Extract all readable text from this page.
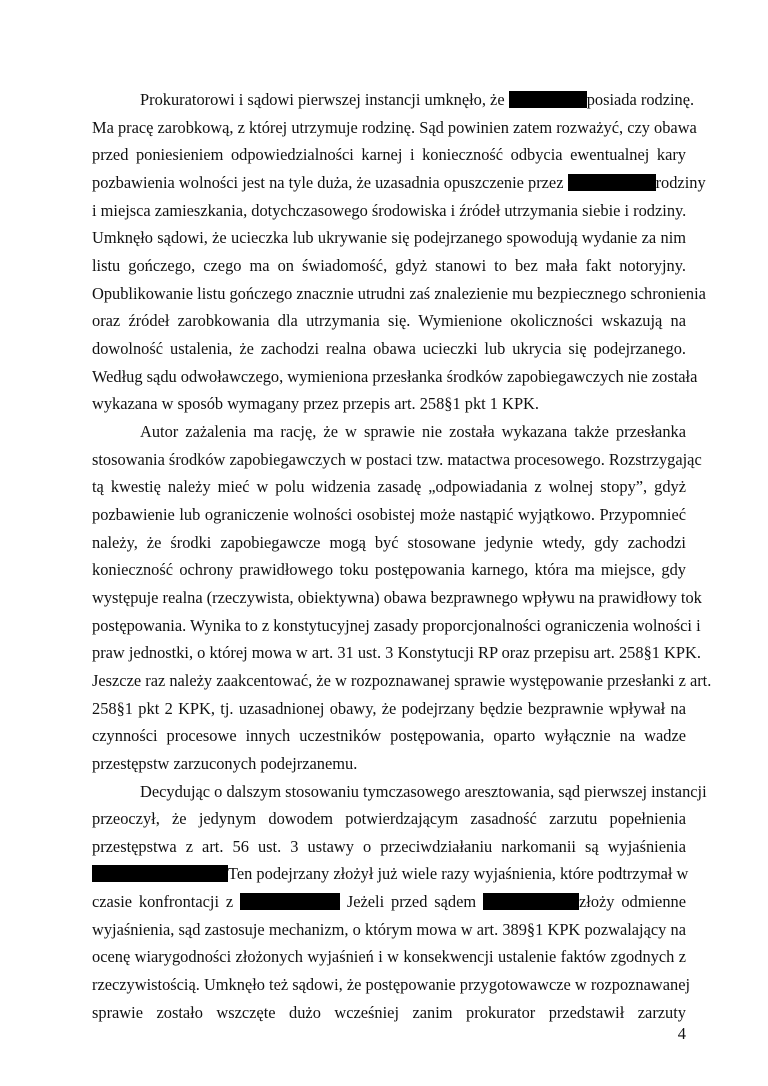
Prokuratorowi i sądowi pierwszej instancji umknęło, że	posiada rodzinę.
Ma pracę zarobkową, z której utrzymuje rodzinę. Sąd powinien zatem rozważyć, czy obawa
przed poniesieniem odpowiedzialności karnej i konieczność odbycia ewentualnej kary
pozbawienia wolności jest na tyle duża, że uzasadnia opuszczenie przez	rodziny
i miejsca zamieszkania, dotychczasowego środowiska i źródeł utrzymania siebie i rodziny.
Umknęło sądowi, że ucieczka lub ukrywanie się podejrzanego spowodują wydanie za nim
listu gończego, czego ma on świadomość, gdyż stanowi to bez mała fakt notoryjny.
Opublikowanie listu gończego znacznie utrudni zaś znalezienie mu bezpiecznego schronienia
oraz źródeł zarobkowania dla utrzymania się. Wymienione okoliczności wskazują na
dowolność ustalenia, że zachodzi realna obawa ucieczki lub ukrycia się podejrzanego.
Według sądu odwoławczego, wymieniona przesłanka środków zapobiegawczych nie została
wykazana w sposób wymagany przez przepis art. 258§1 pkt 1 KPK.
Autor zażalenia ma rację, że w sprawie nie została wykazana także przesłanka
stosowania środków zapobiegawczych w postaci tzw. matactwa procesowego. Rozstrzygając
tą kwestię należy mieć w polu widzenia zasadę „odpowiadania z wolnej stopy”, gdyż
pozbawienie lub ograniczenie wolności osobistej może nastąpić wyjątkowo. Przypomnieć
należy, że środki zapobiegawcze mogą być stosowane jedynie wtedy, gdy zachodzi
konieczność ochrony prawidłowego toku postępowania karnego, która ma miejsce, gdy
występuje realna (rzeczywista, obiektywna) obawa bezprawnego wpływu na prawidłowy tok
postępowania. Wynika to z konstytucyjnej zasady proporcjonalności ograniczenia wolności i
praw jednostki, o której mowa w art. 31 ust. 3 Konstytucji RP oraz przepisu art. 258§1 KPK.
Jeszcze raz należy zaakcentować, że w rozpoznawanej sprawie występowanie przesłanki z art.
258§1 pkt 2 KPK, tj. uzasadnionej obawy, że podejrzany będzie bezprawnie wpływał na
czynności procesowe innych uczestników postępowania, oparto wyłącznie na wadze
przestępstw zarzuconych podejrzanemu.
Decydując o dalszym stosowaniu tymczasowego aresztowania, sąd pierwszej instancji
przeoczył, że jedynym dowodem potwierdzającym zasadność zarzutu popełnienia
przestępstwa z art. 56 ust. 3 ustawy o przeciwdziałaniu narkomanii są wyjaśnienia
Ten podejrzany złożył już wiele razy wyjaśnienia, które podtrzymał w
czasie konfrontacji z	Jeżeli przed sądem	złoży odmienne
wyjaśnienia, sąd zastosuje mechanizm, o którym mowa w art. 389§1 KPK pozwalający na
ocenę wiarygodności złożonych wyjaśnień i w konsekwencji ustalenie faktów zgodnych z
rzeczywistością. Umknęło też sądowi, że postępowanie przygotowawcze w rozpoznawanej
sprawie zostało wszczęte dużo wcześniej zanim prokurator przedstawił zarzuty
4
